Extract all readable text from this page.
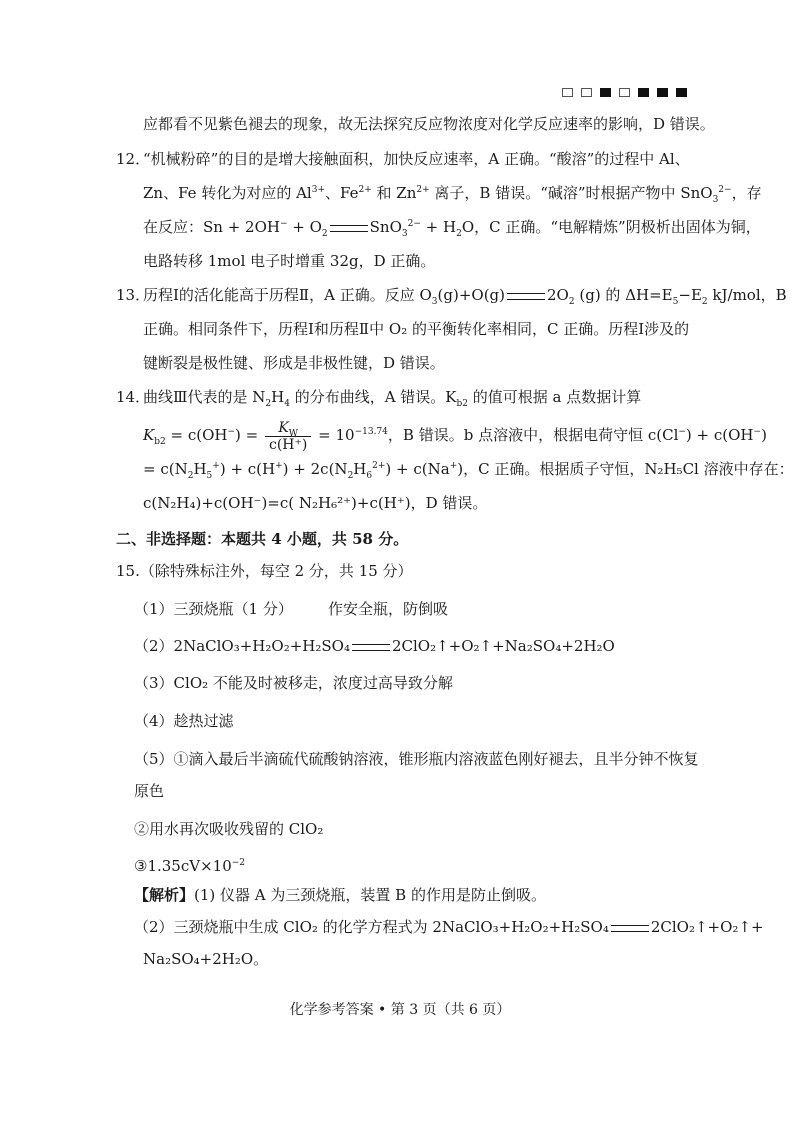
应都看不见紫色褪去的现象，故无法探究反应物浓度对化学反应速率的影响，D 错误。
12．
“机械粉碎”的目的是增大接触面积，加快反应速率，A 正确。“酸溶”的过程中 Al、
Zn、Fe 转化为对应的 $Al^{3+}$、$Fe^{2+}$ 和 $Zn^{2+}$ 离子，B 错误。“碱溶”时根据产物中 SnO$_3^{2-}$，存
在反应：$Sn + 2OH^- + O_2$	$SnO_3^{2-} + H_2O$，C 正确。“电解精炼”阴极析出固体为铜，
电路转移 1mol 电子时增重 32g，D 正确。
13．
历程Ⅰ的活化能高于历程Ⅱ，A 正确。反应 $O_3(g)+O(g)$	$2O_2$ (g) 的 $\Delta H=E_5-E_2$ kJ/mol，B
正确。相同条件下，历程Ⅰ和历程Ⅱ中 O₂ 的平衡转化率相同，C 正确。历程Ⅰ涉及的
键断裂是极性键、形成是非极性键，D 错误。
14．
曲线Ⅲ代表的是 $N_2H_4$ 的分布曲线，A 错误。$K_{b2}$ 的值可根据 a 点数据计算
$K_{b2} = c(OH^-) = \frac{K_W}{c(H^+)} = 10^{-13.74}$，B 错误。b 点溶液中，根据电荷守恒 c(Cl−) + c(OH−)
= $c(N_2H_5^+) + c(H^+) + 2c(N_2H_6^{2+}) + c(Na^+)$，C 正确。根据质子守恒，N₂H₅Cl 溶液中存在：
c(N₂H₄)+c(OH⁻)=c( N₂H₆²⁺)+c(H⁺)，D 错误。
二、非选择题：本题共 4 小题，共 58 分。
15.（除特殊标注外，每空 2 分，共 15 分）
（1）三颈烧瓶（1 分） 作安全瓶，防倒吸
（2）2NaClO₃+H₂O₂+H₂SO₄	2ClO₂↑+O₂↑+Na₂SO₄+2H₂O
（3）ClO₂ 不能及时被移走，浓度过高导致分解
（4）趁热过滤
（5）①滴入最后半滴硫代硫酸钠溶液，锥形瓶内溶液蓝色刚好褪去，且半分钟不恢复
原色
②用水再次吸收残留的 ClO₂
$③1.35cV\times 10^{-2}$
【解析】(1) 仪器 A 为三颈烧瓶，装置 B 的作用是防止倒吸。
（2）三颈烧瓶中生成 ClO₂ 的化学方程式为 2NaClO₃+H₂O₂+H₂SO₄	2ClO₂↑+O₂↑+
Na₂SO₄+2H₂O。
化学参考答案 • 第 3 页（共 6 页）
